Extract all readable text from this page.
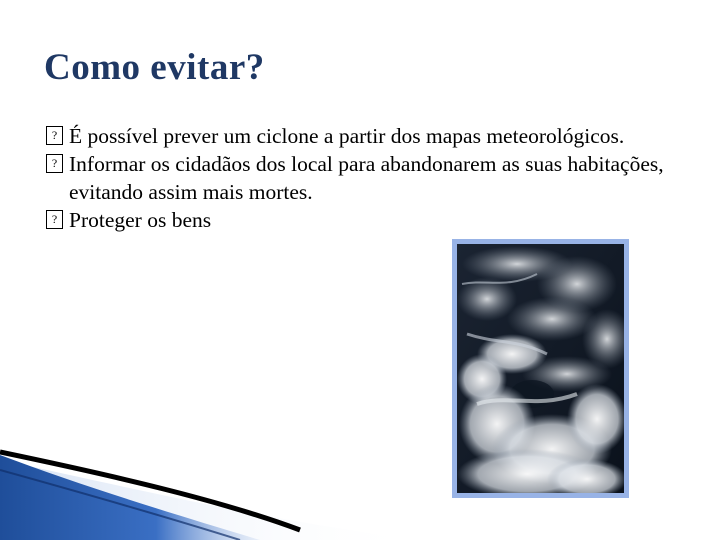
Como evitar?
? É possível prever um ciclone a partir dos mapas meteorológicos.
? Informar os cidadãos dos local para abandonarem as suas habitações, evitando assim mais mortes.
? Proteger os bens
